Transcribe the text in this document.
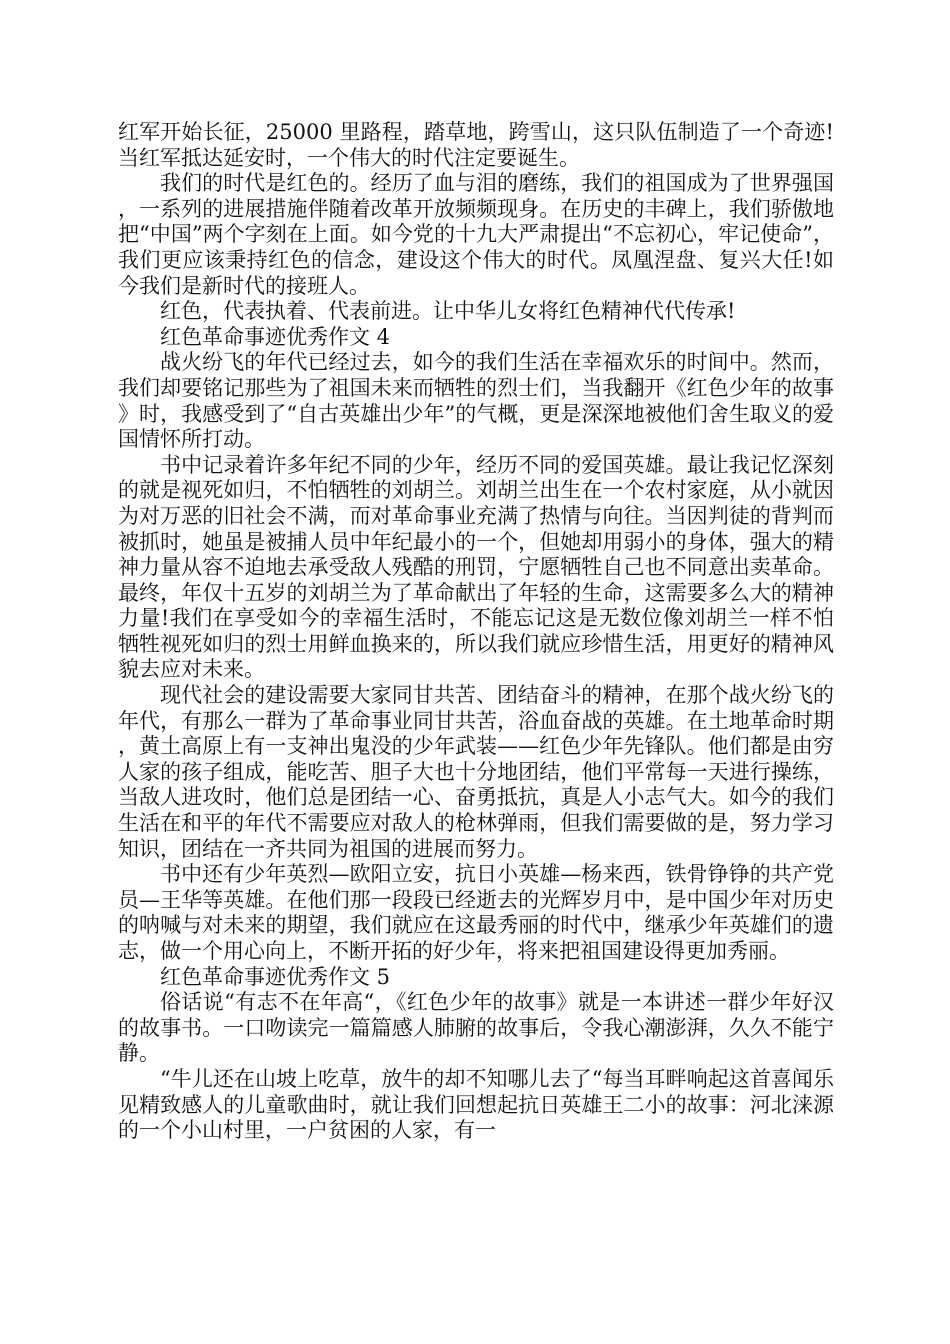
红军开始长征，25000 里路程，踏草地，跨雪山，这只队伍制造了一个奇迹!当红军抵达延安时，一个伟大的时代注定要诞生。

我们的时代是红色的。经历了血与泪的磨练，我们的祖国成为了世界强国，一系列的进展措施伴随着改革开放频频现身。在历史的丰碑上，我们骄傲地把“中国”两个字刻在上面。如今党的十九大严肃提出“不忘初心，牢记使命”，我们更应该秉持红色的信念，建设这个伟大的时代。凤凰涅盘、复兴大任!如今我们是新时代的接班人。

红色，代表执着、代表前进。让中华儿女将红色精神代代传承!

红色革命事迹优秀作文 4

战火纷飞的年代已经过去，如今的我们生活在幸福欢乐的时间中。然而，我们却要铭记那些为了祖国未来而牺牲的烈士们，当我翻开《红色少年的故事》时，我感受到了“自古英雄出少年”的气概，更是深深地被他们舍生取义的爱国情怀所打动。

书中记录着许多年纪不同的少年，经历不同的爱国英雄。最让我记忆深刻的就是视死如归，不怕牺牲的刘胡兰。刘胡兰出生在一个农村家庭，从小就因为对万恶的旧社会不满，而对革命事业充满了热情与向往。当因判徒的背判而被抓时，她虽是被捕人员中年纪最小的一个，但她却用弱小的身体，强大的精神力量从容不迫地去承受敌人残酷的刑罚，宁愿牺牲自己也不同意出卖革命。最终，年仅十五岁的刘胡兰为了革命献出了年轻的生命，这需要多么大的精神力量!我们在享受如今的幸福生活时，不能忘记这是无数位像刘胡兰一样不怕牺牲视死如归的烈士用鲜血换来的，所以我们就应珍惜生活，用更好的精神风貌去应对未来。

现代社会的建设需要大家同甘共苦、团结奋斗的精神，在那个战火纷飞的年代，有那么一群为了革命事业同甘共苦，浴血奋战的英雄。在土地革命时期，黄土高原上有一支神出鬼没的少年武装——红色少年先锋队。他们都是由穷人家的孩子组成，能吃苦、胆子大也十分地团结，他们平常每一天进行操练，当敌人进攻时，他们总是团结一心、奋勇抵抗，真是人小志气大。如今的我们生活在和平的年代不需要应对敌人的枪林弹雨，但我们需要做的是，努力学习知识，团结在一齐共同为祖国的进展而努力。

书中还有少年英烈—欧阳立安，抗日小英雄—杨来西，铁骨铮铮的共产党员—王华等英雄。在他们那一段段已经逝去的光辉岁月中，是中国少年对历史的呐喊与对未来的期望，我们就应在这最秀丽的时代中，继承少年英雄们的遗志，做一个用心向上，不断开拓的好少年，将来把祖国建设得更加秀丽。

红色革命事迹优秀作文 5

俗话说“有志不在年高“，《红色少年的故事》就是一本讲述一群少年好汉的故事书。一口吻读完一篇篇感人肺腑的故事后，令我心潮澎湃，久久不能宁静。

“牛儿还在山坡上吃草，放牛的却不知哪儿去了“每当耳畔响起这首喜闻乐见精致感人的儿童歌曲时，就让我们回想起抗日英雄王二小的故事：河北涞源的一个小山村里，一户贫困的人家，有一
